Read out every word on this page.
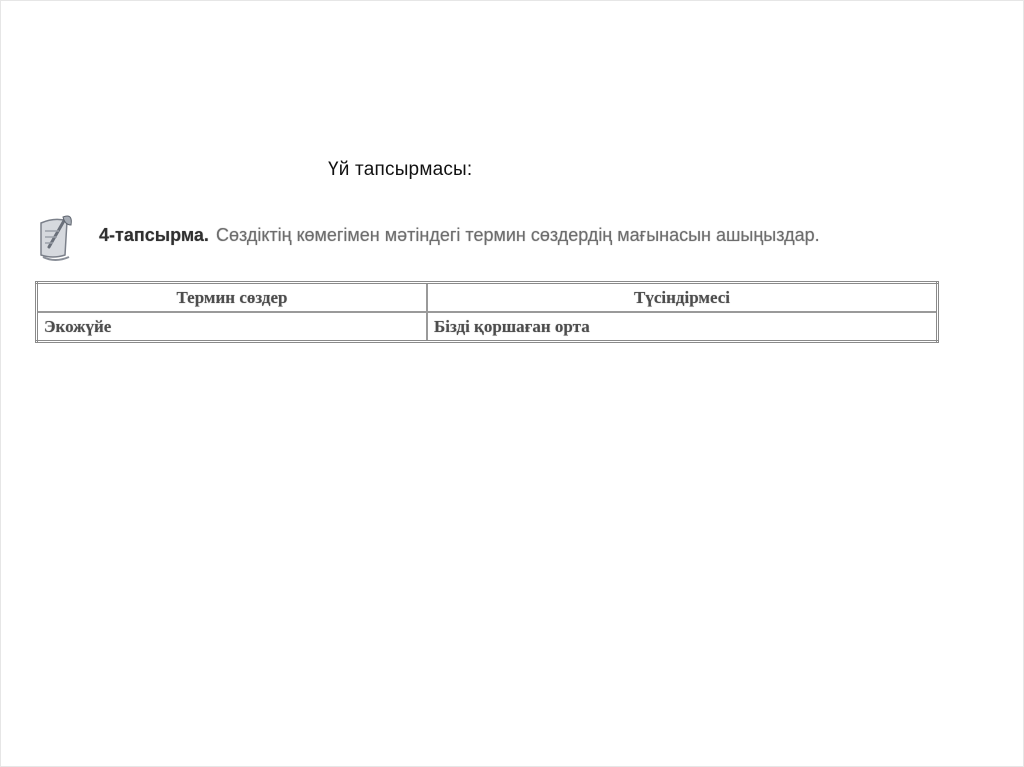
Үй тапсырмасы:
4-тапсырма. Сөздіктің көмегімен мәтіндегі термин сөздердің мағынасын ашыңыздар.
Термин сөздер	Түсіндірмесі
Экожүйе	Бізді қоршаған орта
